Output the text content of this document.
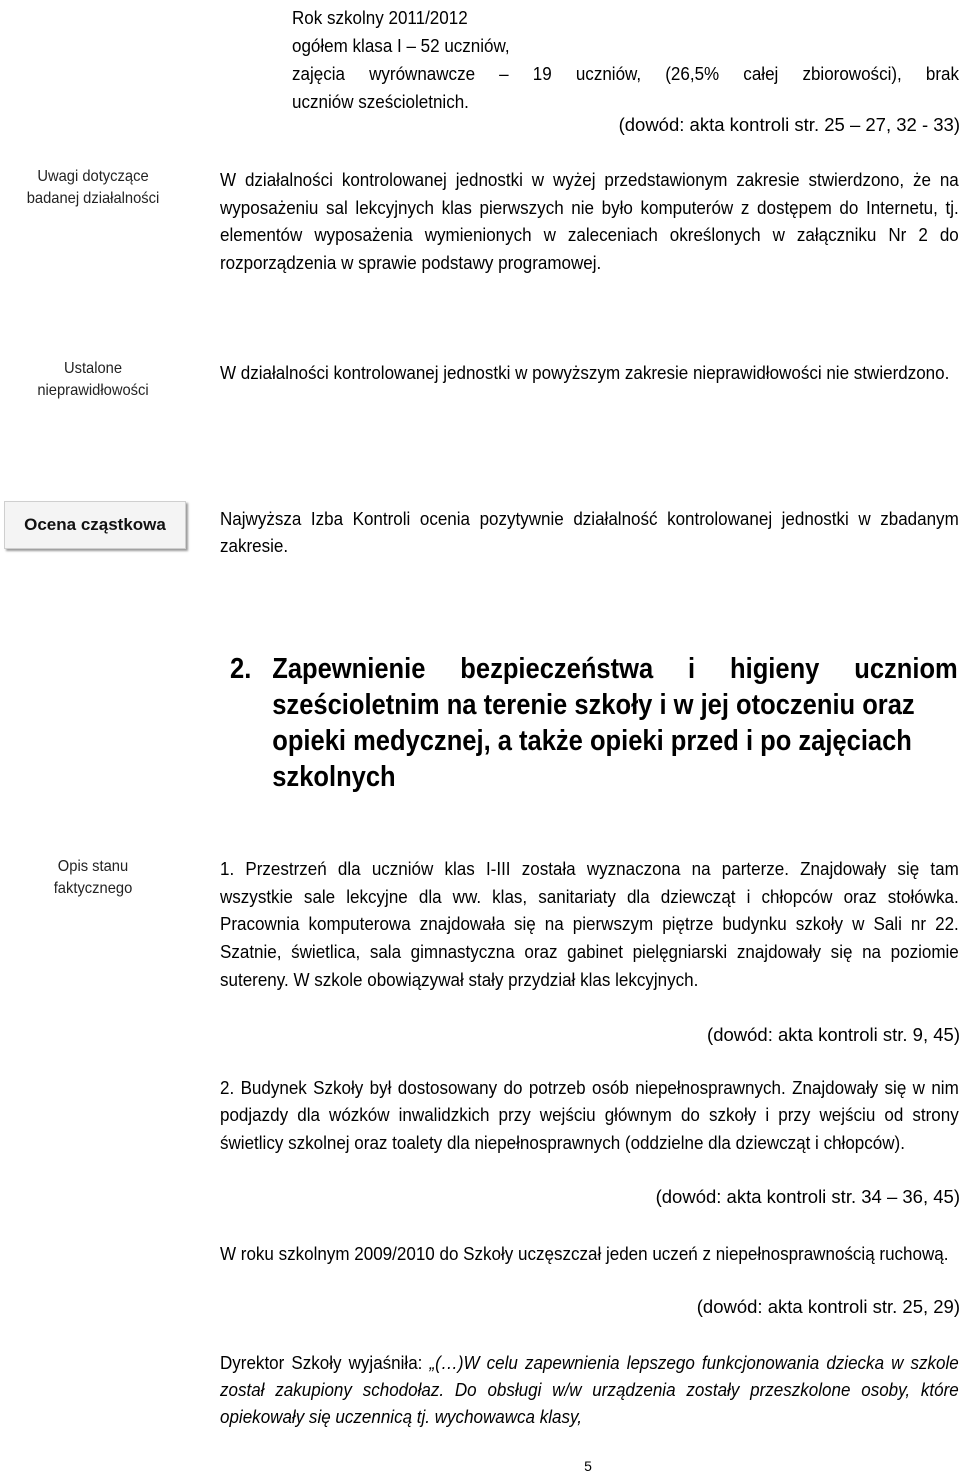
Rok szkolny 2011/2012
ogółem klasa I – 52 uczniów,
zajęcia wyrównawcze – 19 uczniów, (26,5% całej zbiorowości), brak
uczniów sześcioletnich.
(dowód: akta kontroli str. 25 – 27, 32 - 33)
Uwagi dotyczące
badanej działalności
W działalności kontrolowanej jednostki w wyżej przedstawionym zakresie stwierdzono, że na wyposażeniu sal lekcyjnych klas pierwszych nie było komputerów z dostępem do Internetu, tj. elementów wyposażenia wymienionych w zaleceniach określonych w załączniku Nr 2 do rozporządzenia w sprawie podstawy programowej.
Ustalone
nieprawidłowości
W działalności kontrolowanej jednostki w powyższym zakresie nieprawidłowości nie stwierdzono.
Ocena cząstkowa	Najwyższa Izba Kontroli ocenia pozytywnie działalność kontrolowanej jednostki w zbadanym zakresie.
2. Zapewnienie bezpieczeństwa i higieny uczniom
sześcioletnim na terenie szkoły i w jej otoczeniu oraz
opieki medycznej, a także opieki przed i po zajęciach
szkolnych
Opis stanu
faktycznego
1. Przestrzeń dla uczniów klas I-III została wyznaczona na parterze. Znajdowały się tam wszystkie sale lekcyjne dla ww. klas, sanitariaty dla dziewcząt i chłopców oraz stołówka. Pracownia komputerowa znajdowała się na pierwszym piętrze budynku szkoły w Sali nr 22. Szatnie, świetlica, sala gimnastyczna oraz gabinet pielęgniarski znajdowały się na poziomie sutereny. W szkole obowiązywał stały przydział klas lekcyjnych.
(dowód: akta kontroli str. 9, 45)
2. Budynek Szkoły był dostosowany do potrzeb osób niepełnosprawnych. Znajdowały się w nim podjazdy dla wózków inwalidzkich przy wejściu głównym do szkoły i przy wejściu od strony świetlicy szkolnej oraz toalety dla niepełnosprawnych (oddzielne dla dziewcząt i chłopców).
(dowód: akta kontroli str. 34 – 36, 45)
W roku szkolnym 2009/2010 do Szkoły uczęszczał jeden uczeń z niepełnosprawnością ruchową.
(dowód: akta kontroli str. 25, 29)
Dyrektor Szkoły wyjaśniła: „(…)W celu zapewnienia lepszego funkcjonowania dziecka w szkole został zakupiony schodołaz. Do obsługi w/w urządzenia zostały przeszkolone osoby, które opiekowały się uczennicą tj. wychowawca klasy,
5
